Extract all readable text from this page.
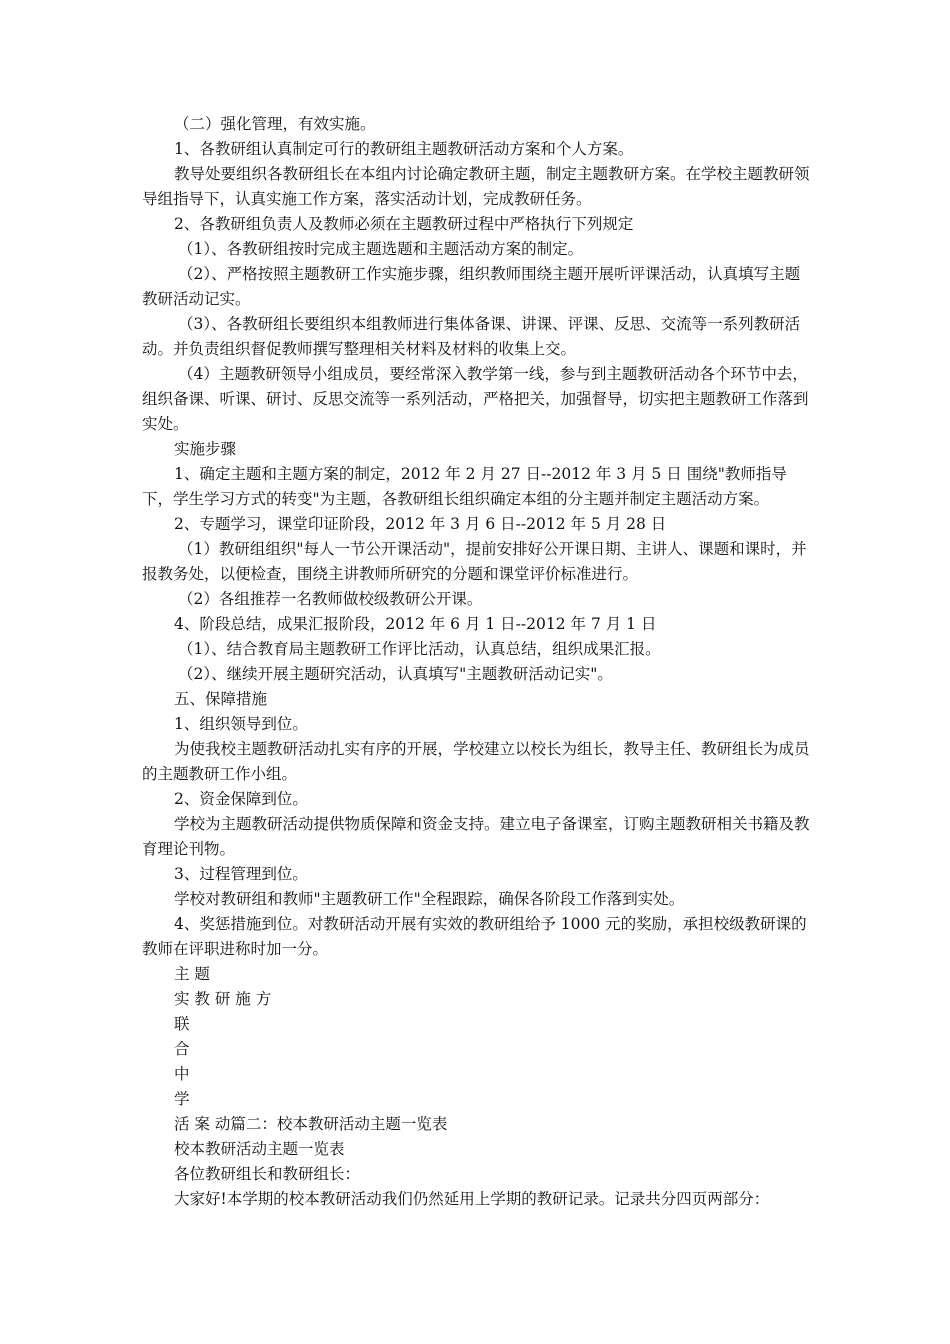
（二）强化管理，有效实施。

1、各教研组认真制定可行的教研组主题教研活动方案和个人方案。

教导处要组织各教研组长在本组内讨论确定教研主题，制定主题教研方案。在学校主题教研领导组指导下，认真实施工作方案，落实活动计划，完成教研任务。

2、各教研组负责人及教师必须在主题教研过程中严格执行下列规定

（1）、各教研组按时完成主题选题和主题活动方案的制定。

（2）、严格按照主题教研工作实施步骤，组织教师围绕主题开展听评课活动，认真填写主题教研活动记实。

（3）、各教研组长要组织本组教师进行集体备课、讲课、评课、反思、交流等一系列教研活动。并负责组织督促教师撰写整理相关材料及材料的收集上交。

（4）主题教研领导小组成员，要经常深入教学第一线，参与到主题教研活动各个环节中去，组织备课、听课、研讨、反思交流等一系列活动，严格把关，加强督导，切实把主题教研工作落到实处。

实施步骤

1、确定主题和主题方案的制定，2012 年 2 月 27 日--2012 年 3 月 5 日 围绕"教师指导下，学生学习方式的转变"为主题，各教研组长组织确定本组的分主题并制定主题活动方案。

2、专题学习，课堂印证阶段，2012 年 3 月 6 日--2012 年 5 月 28 日

（1）教研组组织"每人一节公开课活动"，提前安排好公开课日期、主讲人、课题和课时，并报教务处，以便检查，围绕主讲教师所研究的分题和课堂评价标准进行。

（2）各组推荐一名教师做校级教研公开课。

4、阶段总结，成果汇报阶段，2012 年 6 月 1 日--2012 年 7 月 1 日

（1）、结合教育局主题教研工作评比活动，认真总结，组织成果汇报。

（2）、继续开展主题研究活动，认真填写"主题教研活动记实"。

五、保障措施

1、组织领导到位。

为使我校主题教研活动扎实有序的开展，学校建立以校长为组长，教导主任、教研组长为成员的主题教研工作小组。

2、资金保障到位。

学校为主题教研活动提供物质保障和资金支持。建立电子备课室，订购主题教研相关书籍及教育理论刊物。

3、过程管理到位。

学校对教研组和教师"主题教研工作"全程跟踪，确保各阶段工作落到实处。

4、奖惩措施到位。对教研活动开展有实效的教研组给予 1000 元的奖励，承担校级教研课的教师在评职进称时加一分。

主 题

实 教 研 施 方

联

合

中

学

活 案 动篇二：校本教研活动主题一览表

校本教研活动主题一览表

各位教研组长和教研组长：

大家好!本学期的校本教研活动我们仍然延用上学期的教研记录。记录共分四页两部分：
